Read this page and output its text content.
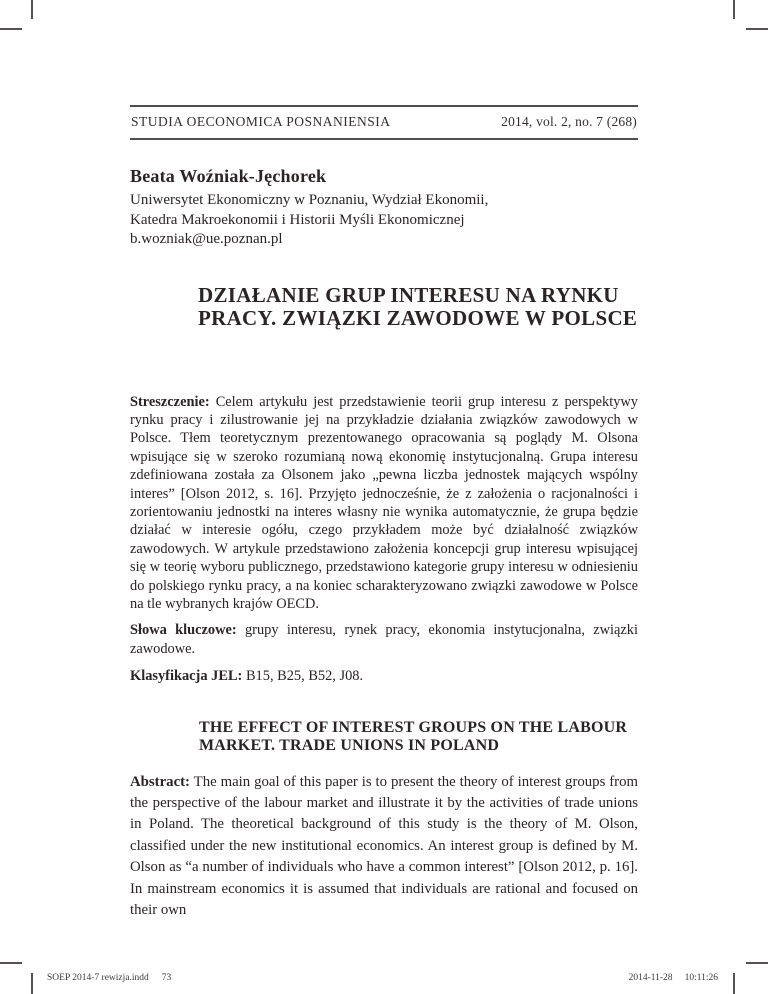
STUDIA OECONOMICA POSNANIENSIA	2014, vol. 2, no. 7 (268)
Beata Woźniak-Jęchorek
Uniwersytet Ekonomiczny w Poznaniu, Wydział Ekonomii,
Katedra Makroekonomii i Historii Myśli Ekonomicznej
b.wozniak@ue.poznan.pl
DZIAŁANIE GRUP INTERESU NA RYNKU
PRACY. ZWIĄZKI ZAWODOWE W POLSCE

Streszczenie: Celem artykułu jest przedstawienie teorii grup interesu z perspektywy rynku pracy i zilustrowanie jej na przykładzie działania związków zawodowych w Polsce. Tłem teoretycznym prezentowanego opracowania są poglądy M. Olsona wpisujące się w szeroko rozumianą nową ekonomię instytucjonalną. Grupa interesu zdefiniowana została za Olsonem jako „pewna liczba jednostek mających wspólny interes” [Olson 2012, s. 16]. Przyjęto jednocześnie, że z założenia o racjonalności i zorientowaniu jednostki na interes własny nie wynika automatycznie, że grupa będzie działać w interesie ogółu, czego przykładem może być działalność związków zawodowych. W artykule przedstawiono założenia koncepcji grup interesu wpisującej się w teorię wyboru publicznego, przedstawiono kategorie grupy interesu w odniesieniu do polskiego rynku pracy, a na koniec scharakteryzowano związki zawodowe w Polsce na tle wybranych krajów OECD.

Słowa kluczowe: grupy interesu, rynek pracy, ekonomia instytucjonalna, związki zawodowe.

Klasyfikacja JEL: B15, B25, B52, J08.

THE EFFECT OF INTEREST GROUPS ON THE LABOUR
MARKET. TRADE UNIONS IN POLAND

Abstract: The main goal of this paper is to present the theory of interest groups from the perspective of the labour market and illustrate it by the activities of trade unions in Poland. The theoretical background of this study is the theory of M. Olson, classified under the new institutional economics. An interest group is defined by M. Olson as “a number of individuals who have a common interest” [Olson 2012, p. 16]. In mainstream economics it is assumed that individuals are rational and focused on their own

SOEP 2014-7 rewizja.indd 73	2014-11-28 10:11:26
